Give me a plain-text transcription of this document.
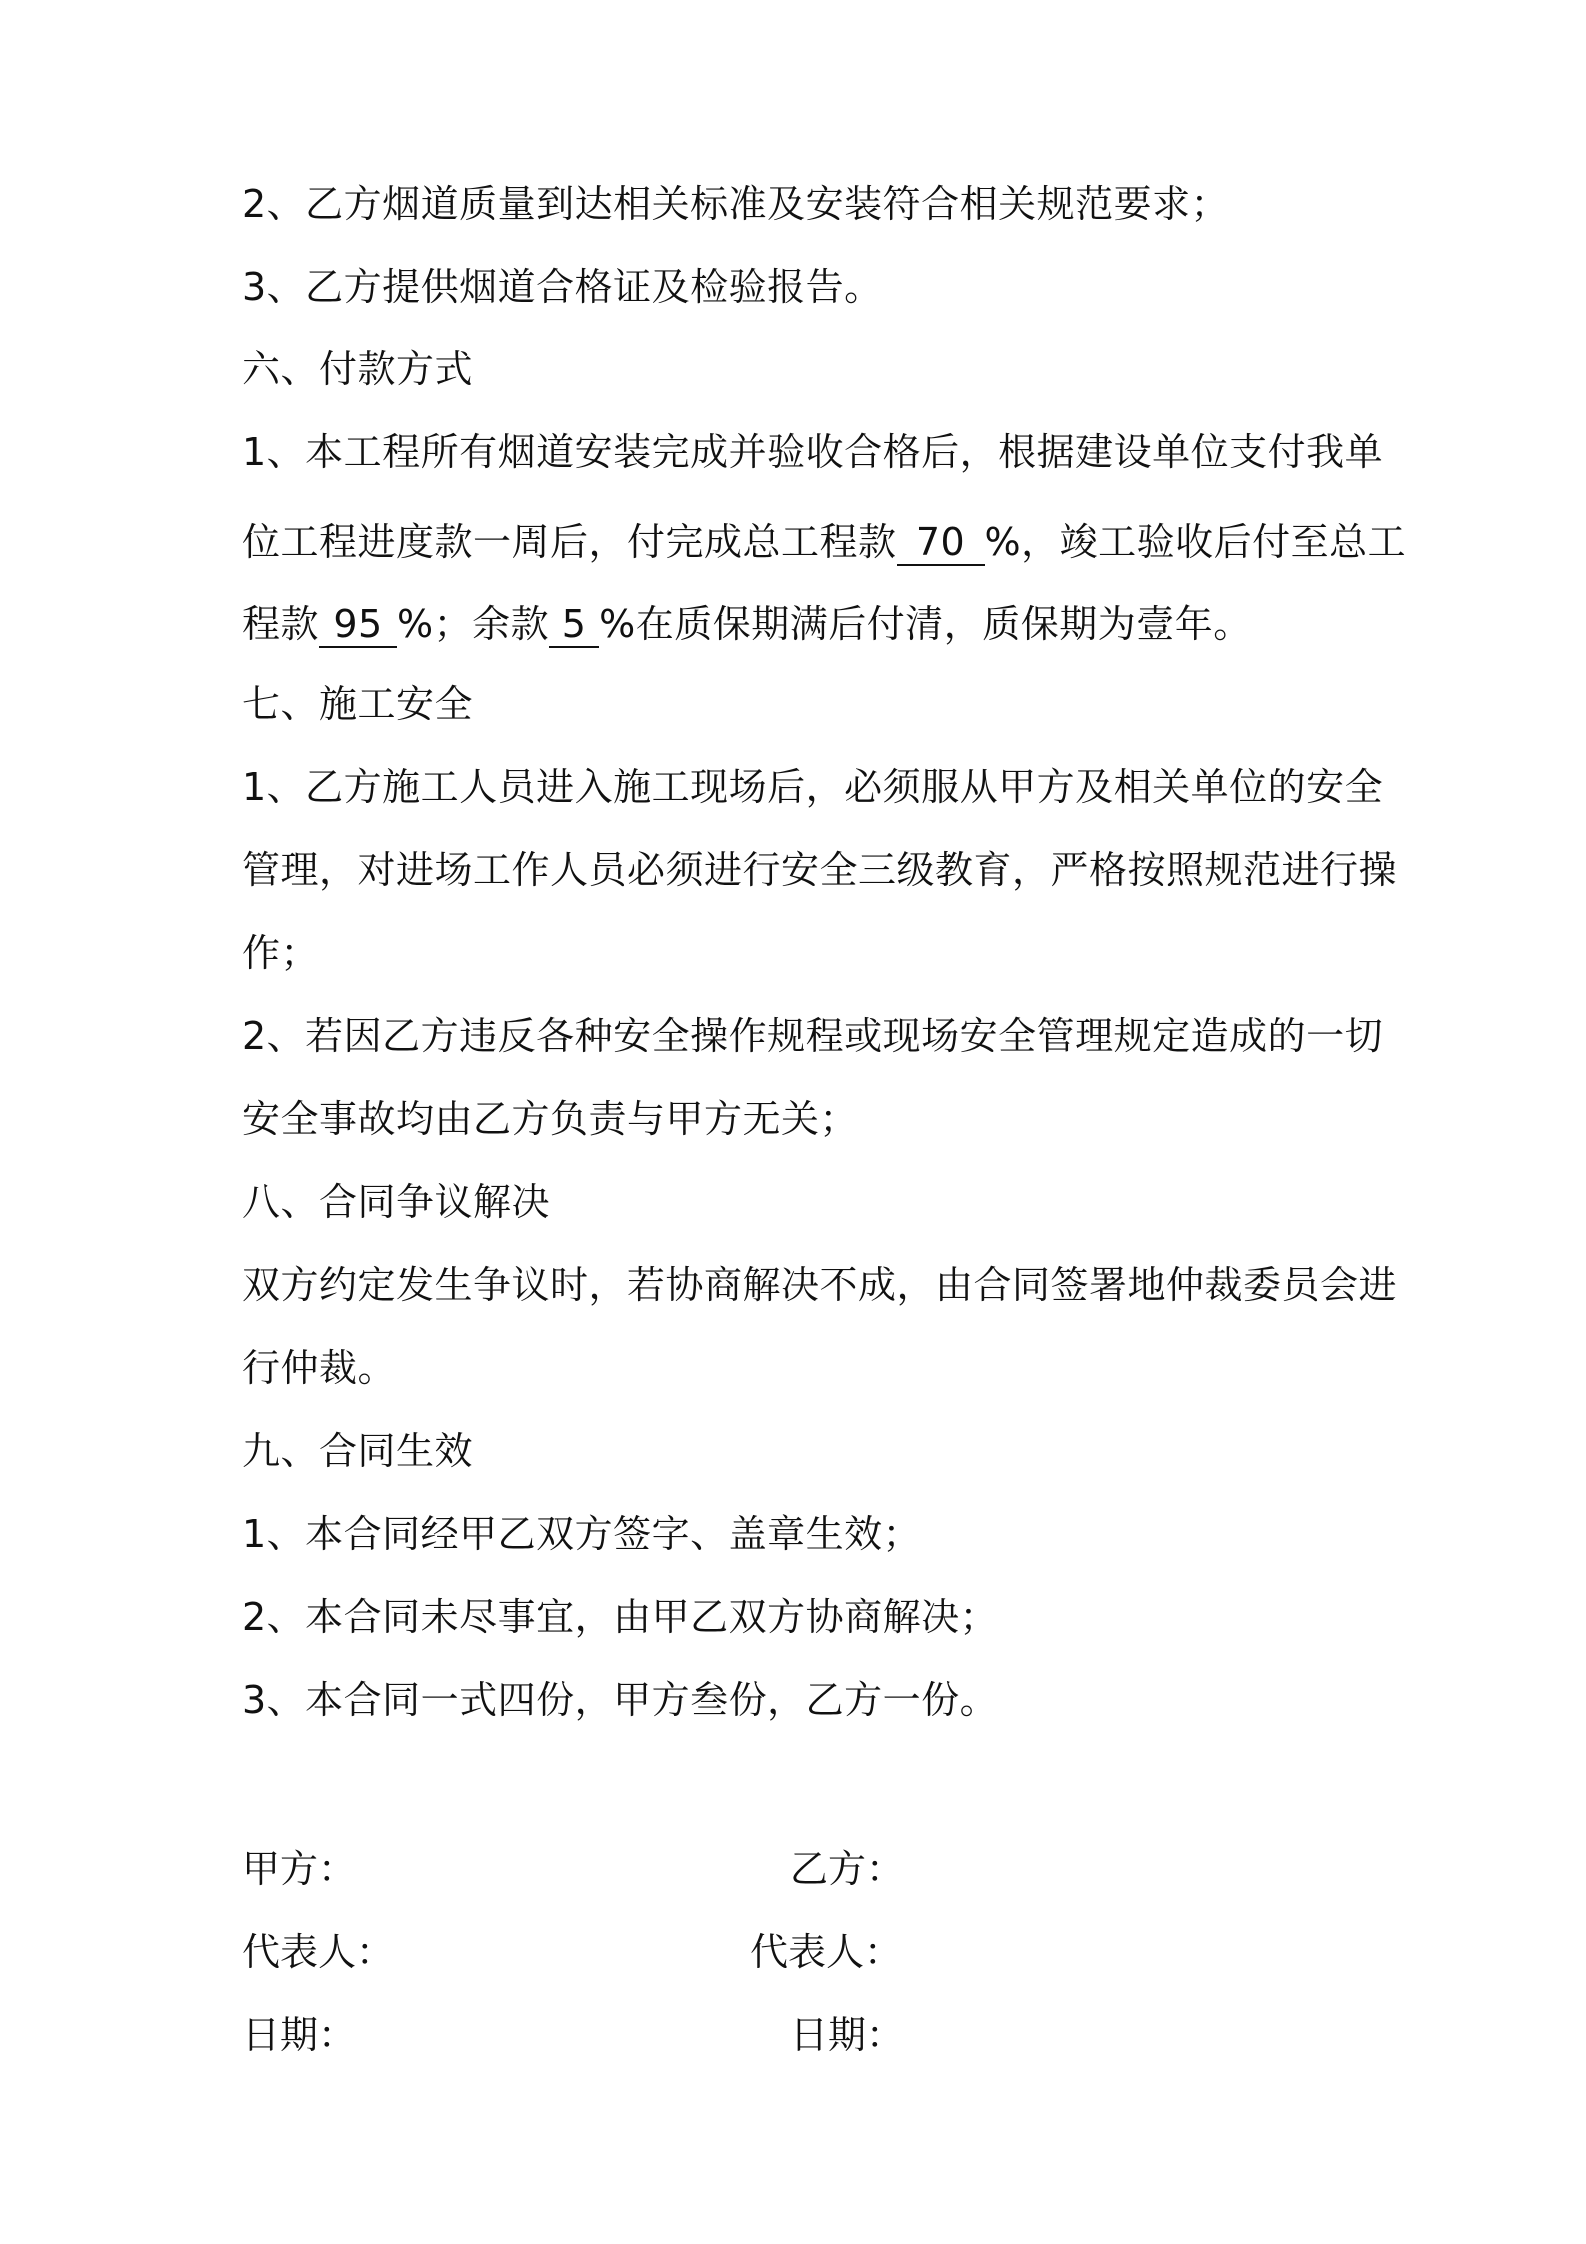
2、乙方烟道质量到达相关标准及安装符合相关规范要求；
3、乙方提供烟道合格证及检验报告。
六、付款方式
1、本工程所有烟道安装完成并验收合格后，根据建设单位支付我单
位工程进度款一周后，付完成总工程款 70 %，竣工验收后付至总工
程款 95 %；余款 5 %在质保期满后付清，质保期为壹年。
七、施工安全
1、乙方施工人员进入施工现场后，必须服从甲方及相关单位的安全
管理，对进场工作人员必须进行安全三级教育，严格按照规范进行操
作；
2、若因乙方违反各种安全操作规程或现场安全管理规定造成的一切
安全事故均由乙方负责与甲方无关；
八、合同争议解决
双方约定发生争议时，若协商解决不成，由合同签署地仲裁委员会进
行仲裁。
九、合同生效
1、本合同经甲乙双方签字、盖章生效；
2、本合同未尽事宜，由甲乙双方协商解决；
3、本合同一式四份，甲方叁份，乙方一份。
甲方：	乙方：
代表人：	代表人：
日期：	日期：
